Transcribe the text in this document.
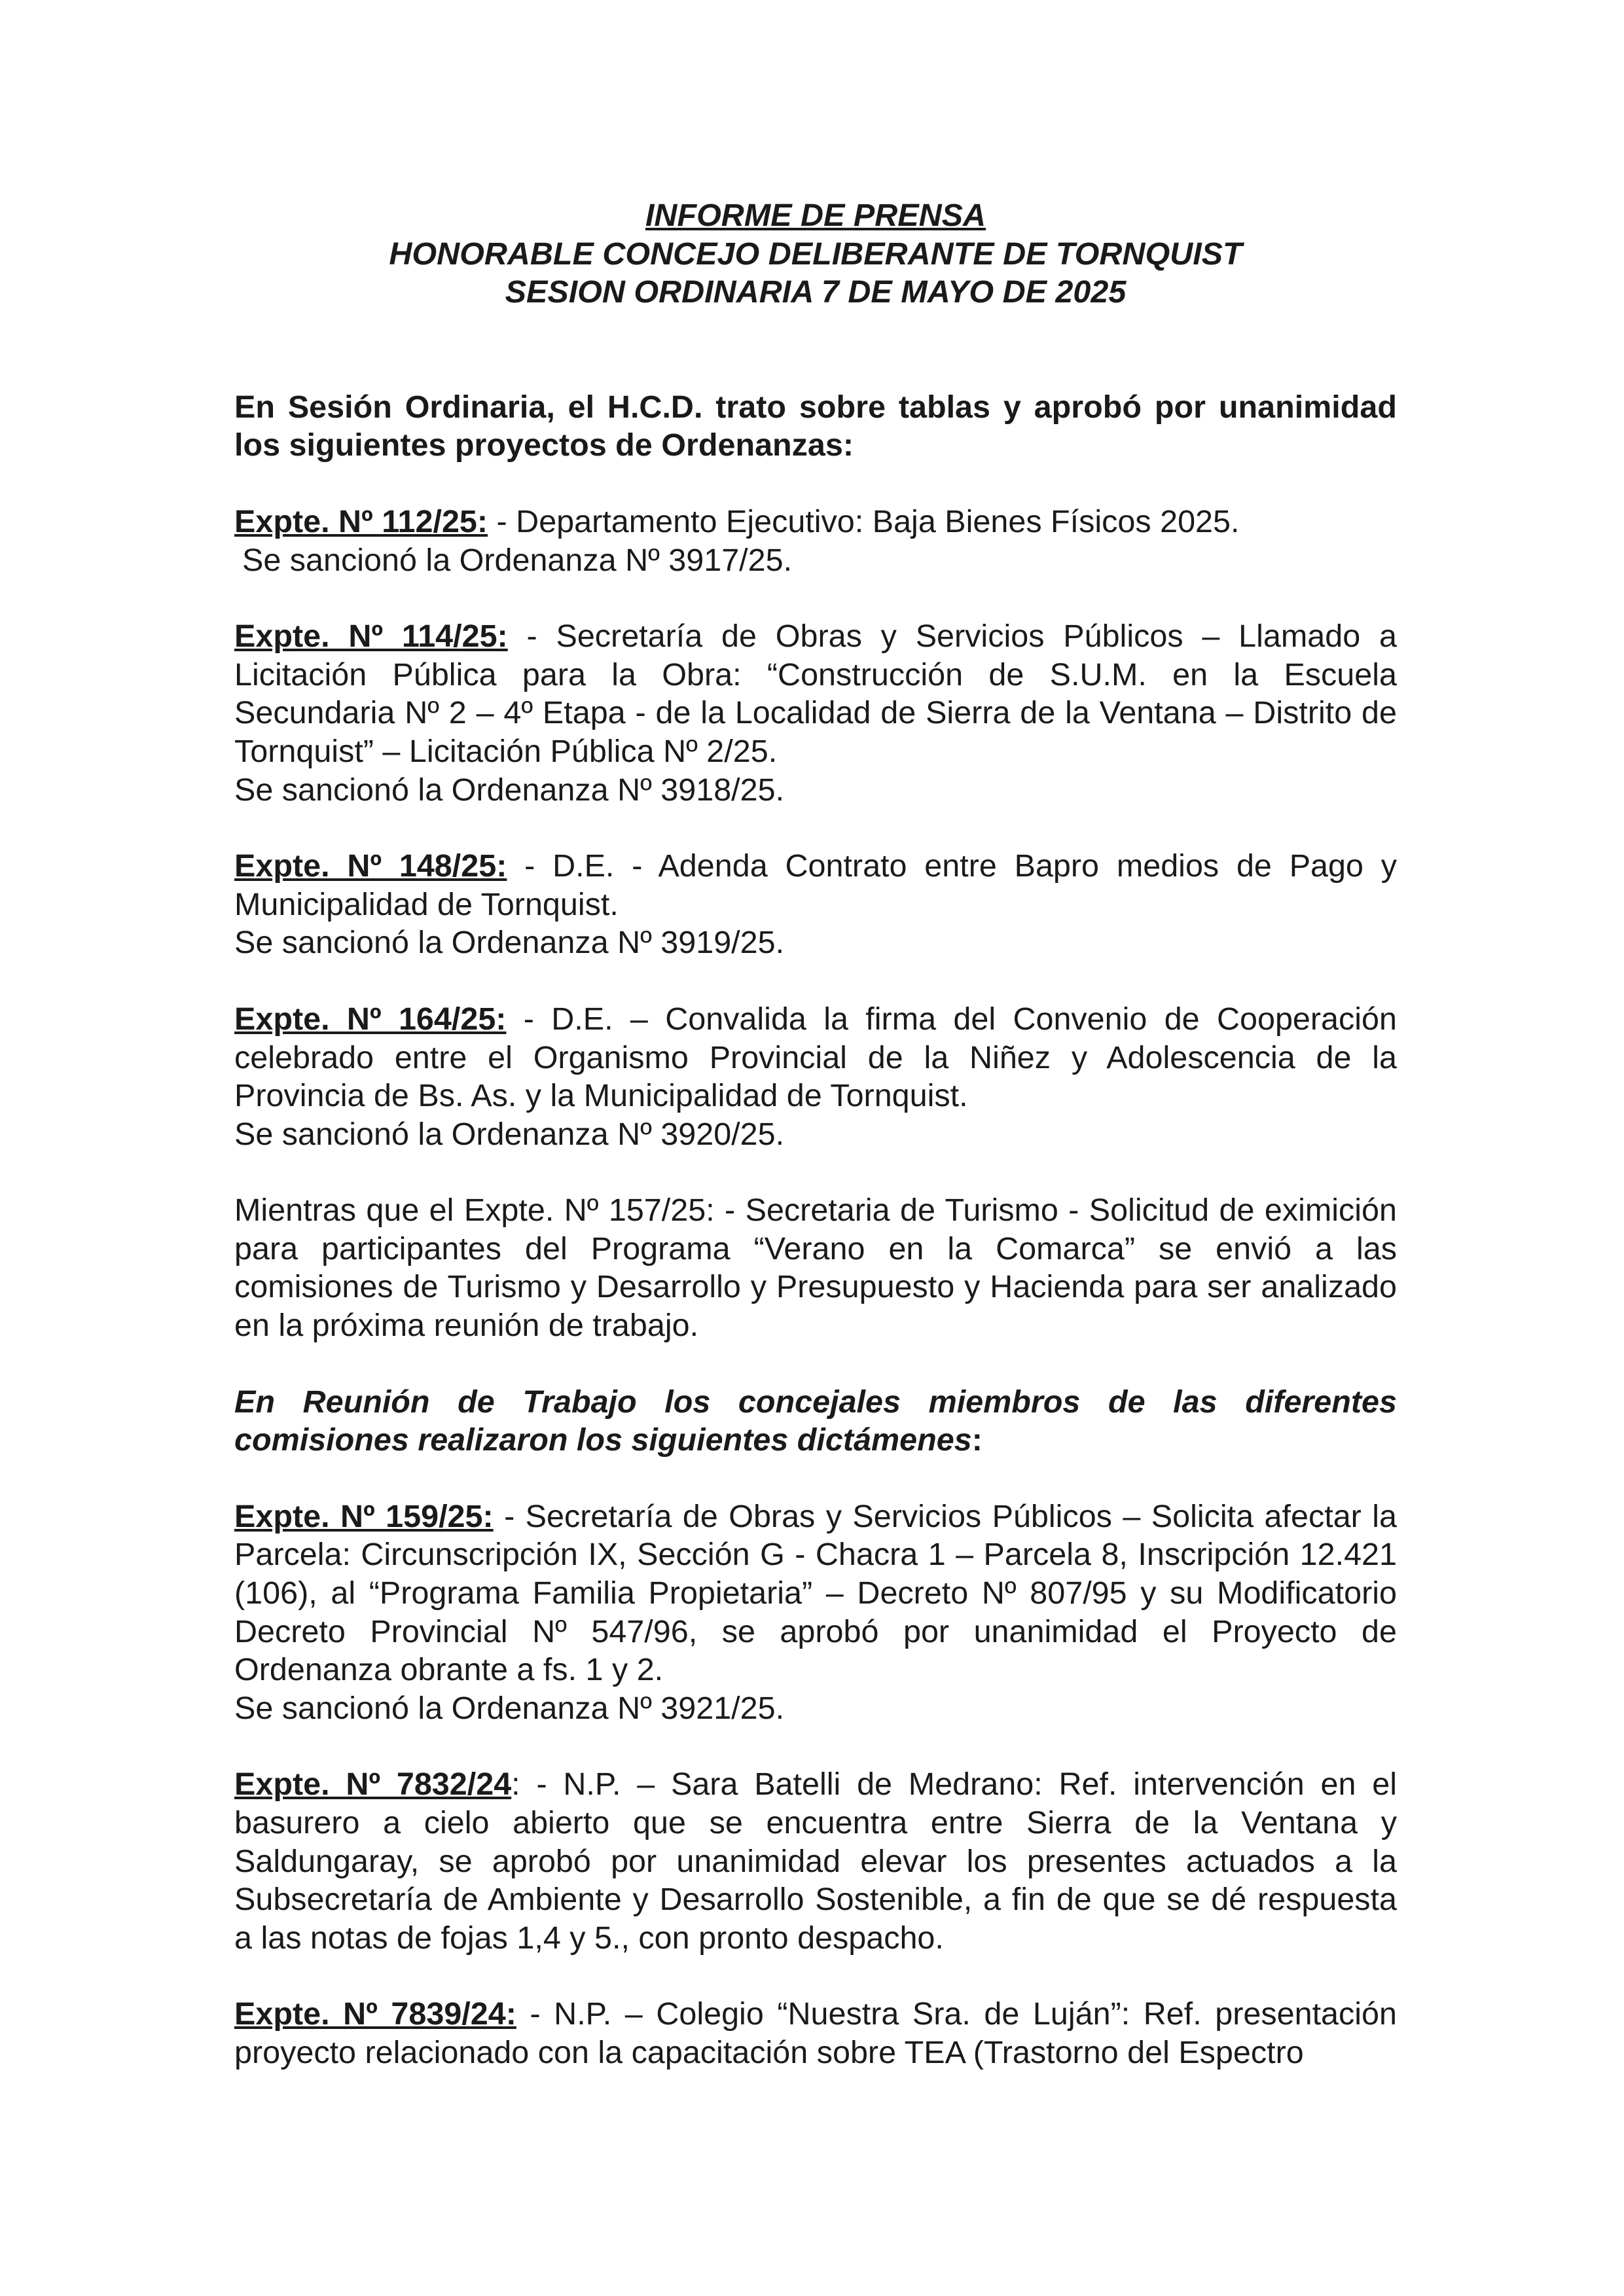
INFORME DE PRENSA
HONORABLE CONCEJO DELIBERANTE DE TORNQUIST
SESION ORDINARIA 7 DE MAYO DE 2025
En Sesión Ordinaria, el H.C.D. trato sobre tablas y aprobó por unanimidad los siguientes proyectos de Ordenanzas:
Expte. Nº 112/25: - Departamento Ejecutivo: Baja Bienes Físicos 2025.
Se sancionó la Ordenanza Nº 3917/25.
Expte. Nº 114/25: - Secretaría de Obras y Servicios Públicos – Llamado a Licitación Pública para la Obra: “Construcción de S.U.M. en la Escuela Secundaria Nº 2 – 4º Etapa - de la Localidad de Sierra de la Ventana – Distrito de Tornquist” – Licitación Pública Nº 2/25.
Se sancionó la Ordenanza Nº 3918/25.
Expte. Nº 148/25: - D.E. - Adenda Contrato entre Bapro medios de Pago y Municipalidad de Tornquist.
Se sancionó la Ordenanza Nº 3919/25.
Expte. Nº 164/25: - D.E. – Convalida la firma del Convenio de Cooperación celebrado entre el Organismo Provincial de la Niñez y Adolescencia de la Provincia de Bs. As. y la Municipalidad de Tornquist.
Se sancionó la Ordenanza Nº 3920/25.
Mientras que el Expte. Nº 157/25: - Secretaria de Turismo - Solicitud de eximición para participantes del Programa “Verano en la Comarca” se envió a las comisiones de Turismo y Desarrollo y Presupuesto y Hacienda para ser analizado en la próxima reunión de trabajo.
En Reunión de Trabajo los concejales miembros de las diferentes comisiones realizaron los siguientes dictámenes:
Expte. Nº 159/25: - Secretaría de Obras y Servicios Públicos – Solicita afectar la Parcela: Circunscripción IX, Sección G - Chacra 1 – Parcela 8, Inscripción 12.421 (106), al “Programa Familia Propietaria” – Decreto Nº 807/95 y su Modificatorio Decreto Provincial Nº 547/96, se aprobó por unanimidad el Proyecto de Ordenanza obrante a fs. 1 y 2.
Se sancionó la Ordenanza Nº 3921/25.
Expte. Nº 7832/24: - N.P. – Sara Batelli de Medrano: Ref. intervención en el basurero a cielo abierto que se encuentra entre Sierra de la Ventana y Saldungaray, se aprobó por unanimidad elevar los presentes actuados a la Subsecretaría de Ambiente y Desarrollo Sostenible, a fin de que se dé respuesta a las notas de fojas 1,4 y 5., con pronto despacho.
Expte. Nº 7839/24: - N.P. – Colegio “Nuestra Sra. de Luján”: Ref. presentación proyecto relacionado con la capacitación sobre TEA (Trastorno del Espectro
